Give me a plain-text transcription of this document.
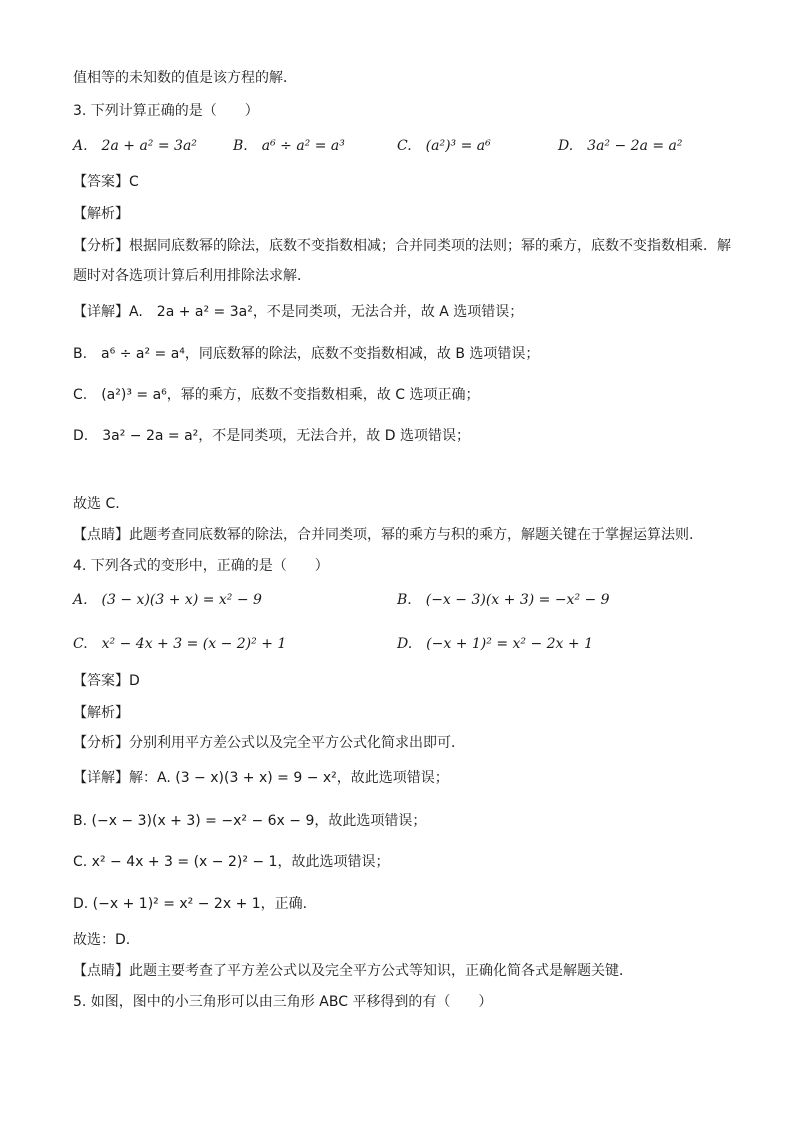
值相等的未知数的值是该方程的解．
3. 下列计算正确的是（　　）
A.　2a + a² = 3a²	B.　a⁶ ÷ a² = a³	C.　(a²)³ = a⁶	D.　3a² − 2a = a²
【答案】C
【解析】
【分析】根据同底数幂的除法，底数不变指数相减；合并同类项的法则；幂的乘方，底数不变指数相乘．解
题时对各选项计算后利用排除法求解．
【详解】A.　2a + a² = 3a²，不是同类项，无法合并，故 A 选项错误；
B.　a⁶ ÷ a² = a⁴，同底数幂的除法，底数不变指数相减，故 B 选项错误；
C.　(a²)³ = a⁶，幂的乘方，底数不变指数相乘，故 C 选项正确；
D.　3a² − 2a = a²，不是同类项，无法合并，故 D 选项错误；
故选 C.
【点睛】此题考查同底数幂的除法，合并同类项，幂的乘方与积的乘方，解题关键在于掌握运算法则.
4. 下列各式的变形中，正确的是（　　）
A.　(3 − x)(3 + x) = x² − 9	B.　(−x − 3)(x + 3) = −x² − 9
C.　x² − 4x + 3 = (x − 2)² + 1	D.　(−x + 1)² = x² − 2x + 1
【答案】D
【解析】
【分析】分别利用平方差公式以及完全平方公式化简求出即可．
【详解】解：A. (3 − x)(3 + x) = 9 − x²，故此选项错误；
B. (−x − 3)(x + 3) = −x² − 6x − 9，故此选项错误；
C. x² − 4x + 3 = (x − 2)² − 1，故此选项错误；
D. (−x + 1)² = x² − 2x + 1，正确.
故选：D.
【点睛】此题主要考查了平方差公式以及完全平方公式等知识，正确化简各式是解题关键．
5. 如图，图中的小三角形可以由三角形 ABC 平移得到的有（　　）
